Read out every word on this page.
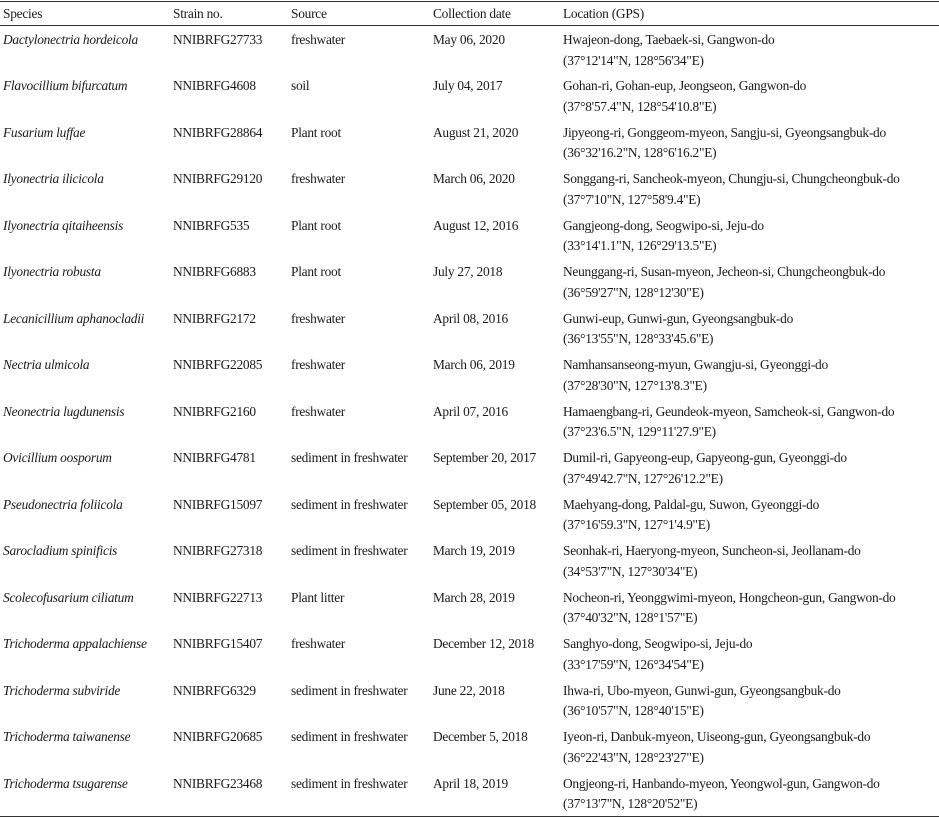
Species	Strain no.	Source	Collection date	Location (GPS)
Dactylonectria hordeicola	NNIBRFG27733	freshwater	May 06, 2020	Hwajeon-dong, Taebaek-si, Gangwon-do
(37°12'14"N, 128°56'34"E)

Flavocillium bifurcatum	NNIBRFG4608	soil	July 04, 2017	Gohan-ri, Gohan-eup, Jeongseon, Gangwon-do
(37°8'57.4"N, 128°54'10.8"E)

Fusarium luffae	NNIBRFG28864	Plant root	August 21, 2020	Jipyeong-ri, Gonggeom-myeon, Sangju-si, Gyeongsangbuk-do
(36°32'16.2"N, 128°6'16.2"E)

Ilyonectria ilicicola	NNIBRFG29120	freshwater	March 06, 2020	Songgang-ri, Sancheok-myeon, Chungju-si, Chungcheongbuk-do
(37°7'10"N, 127°58'9.4"E)

Ilyonectria qitaiheensis	NNIBRFG535	Plant root	August 12, 2016	Gangjeong-dong, Seogwipo-si, Jeju-do
(33°14'1.1"N, 126°29'13.5"E)

Ilyonectria robusta	NNIBRFG6883	Plant root	July 27, 2018	Neunggang-ri, Susan-myeon, Jecheon-si, Chungcheongbuk-do
(36°59'27"N, 128°12'30"E)

Lecanicillium aphanocladii	NNIBRFG2172	freshwater	April 08, 2016	Gunwi-eup, Gunwi-gun, Gyeongsangbuk-do
(36°13'55"N, 128°33'45.6"E)

Nectria ulmicola	NNIBRFG22085	freshwater	March 06, 2019	Namhansanseong-myun, Gwangju-si, Gyeonggi-do
(37°28'30"N, 127°13'8.3"E)

Neonectria lugdunensis	NNIBRFG2160	freshwater	April 07, 2016	Hamaengbang-ri, Geundeok-myeon, Samcheok-si, Gangwon-do
(37°23'6.5"N, 129°11'27.9"E)

Ovicillium oosporum	NNIBRFG4781	sediment in freshwater	September 20, 2017	Dumil-ri, Gapyeong-eup, Gapyeong-gun, Gyeonggi-do
(37°49'42.7"N, 127°26'12.2"E)

Pseudonectria foliicola	NNIBRFG15097	sediment in freshwater	September 05, 2018	Maehyang-dong, Paldal-gu, Suwon, Gyeonggi-do
(37°16'59.3"N, 127°1'4.9"E)

Sarocladium spinificis	NNIBRFG27318	sediment in freshwater	March 19, 2019	Seonhak-ri, Haeryong-myeon, Suncheon-si, Jeollanam-do
(34°53'7"N, 127°30'34"E)

Scolecofusarium ciliatum	NNIBRFG22713	Plant litter	March 28, 2019	Nocheon-ri, Yeonggwimi-myeon, Hongcheon-gun, Gangwon-do
(37°40'32"N, 128°1'57"E)

Trichoderma appalachiense	NNIBRFG15407	freshwater	December 12, 2018	Sanghyo-dong, Seogwipo-si, Jeju-do
(33°17'59"N, 126°34'54"E)

Trichoderma subviride	NNIBRFG6329	sediment in freshwater	June 22, 2018	Ihwa-ri, Ubo-myeon, Gunwi-gun, Gyeongsangbuk-do
(36°10'57"N, 128°40'15"E)

Trichoderma taiwanense	NNIBRFG20685	sediment in freshwater	December 5, 2018	Iyeon-ri, Danbuk-myeon, Uiseong-gun, Gyeongsangbuk-do
(36°22'43"N, 128°23'27"E)

Trichoderma tsugarense	NNIBRFG23468	sediment in freshwater	April 18, 2019	Ongjeong-ri, Hanbando-myeon, Yeongwol-gun, Gangwon-do
(37°13'7"N, 128°20'52"E)
